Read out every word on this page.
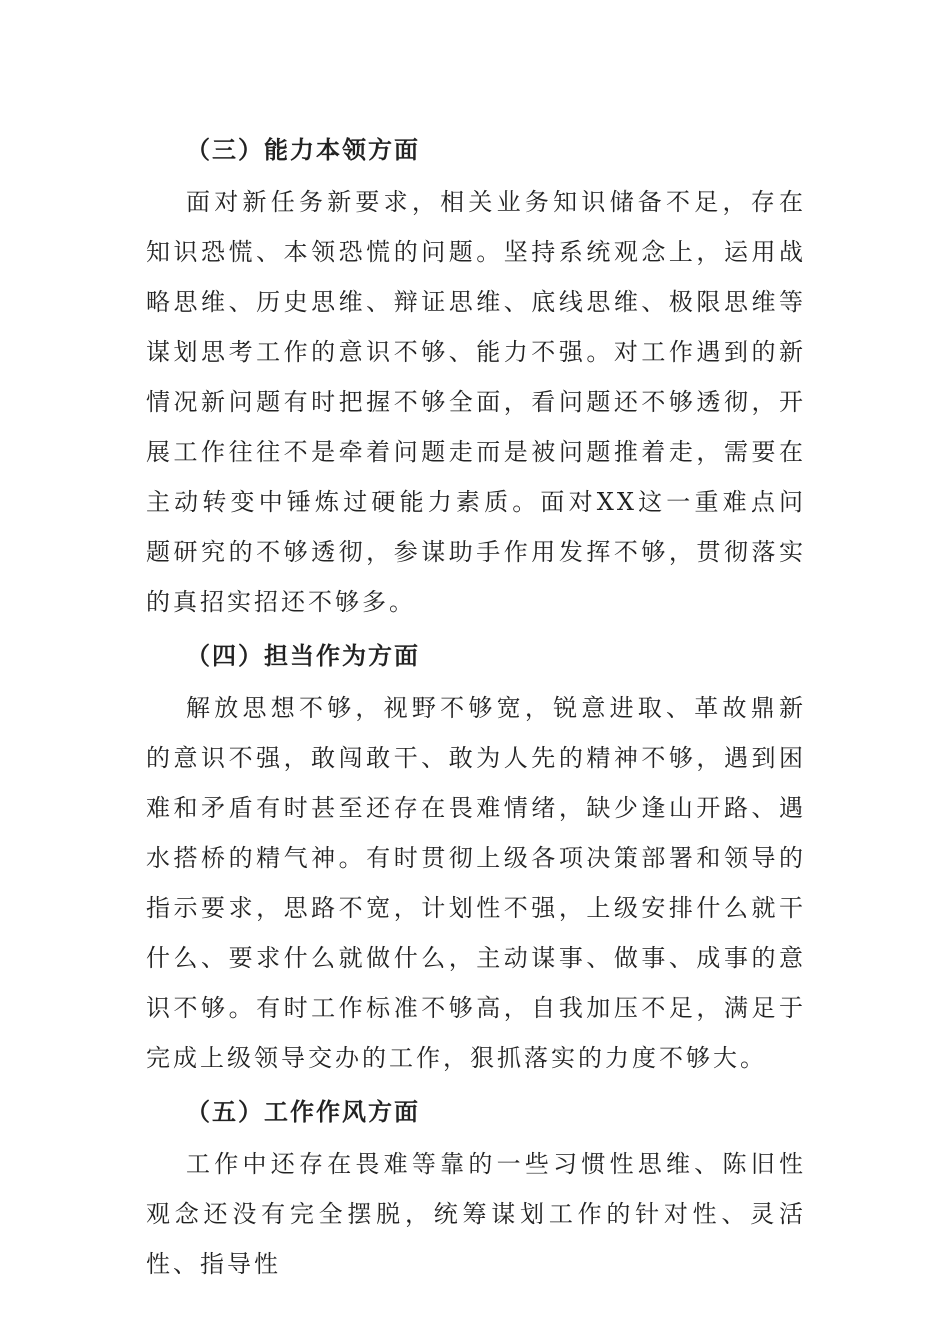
（三）能力本领方面

面对新任务新要求，相关业务知识储备不足，存在知识恐慌、本领恐慌的问题。坚持系统观念上，运用战略思维、历史思维、辩证思维、底线思维、极限思维等谋划思考工作的意识不够、能力不强。对工作遇到的新情况新问题有时把握不够全面，看问题还不够透彻，开展工作往往不是牵着问题走而是被问题推着走，需要在主动转变中锤炼过硬能力素质。面对XX这一重难点问题研究的不够透彻，参谋助手作用发挥不够，贯彻落实的真招实招还不够多。

（四）担当作为方面

解放思想不够，视野不够宽，锐意进取、革故鼎新的意识不强，敢闯敢干、敢为人先的精神不够，遇到困难和矛盾有时甚至还存在畏难情绪，缺少逢山开路、遇水搭桥的精气神。有时贯彻上级各项决策部署和领导的指示要求，思路不宽，计划性不强，上级安排什么就干什么、要求什么就做什么，主动谋事、做事、成事的意识不够。有时工作标准不够高，自我加压不足，满足于完成上级领导交办的工作，狠抓落实的力度不够大。

（五）工作作风方面

工作中还存在畏难等靠的一些习惯性思维、陈旧性观念还没有完全摆脱，统筹谋划工作的针对性、灵活性、指导性
